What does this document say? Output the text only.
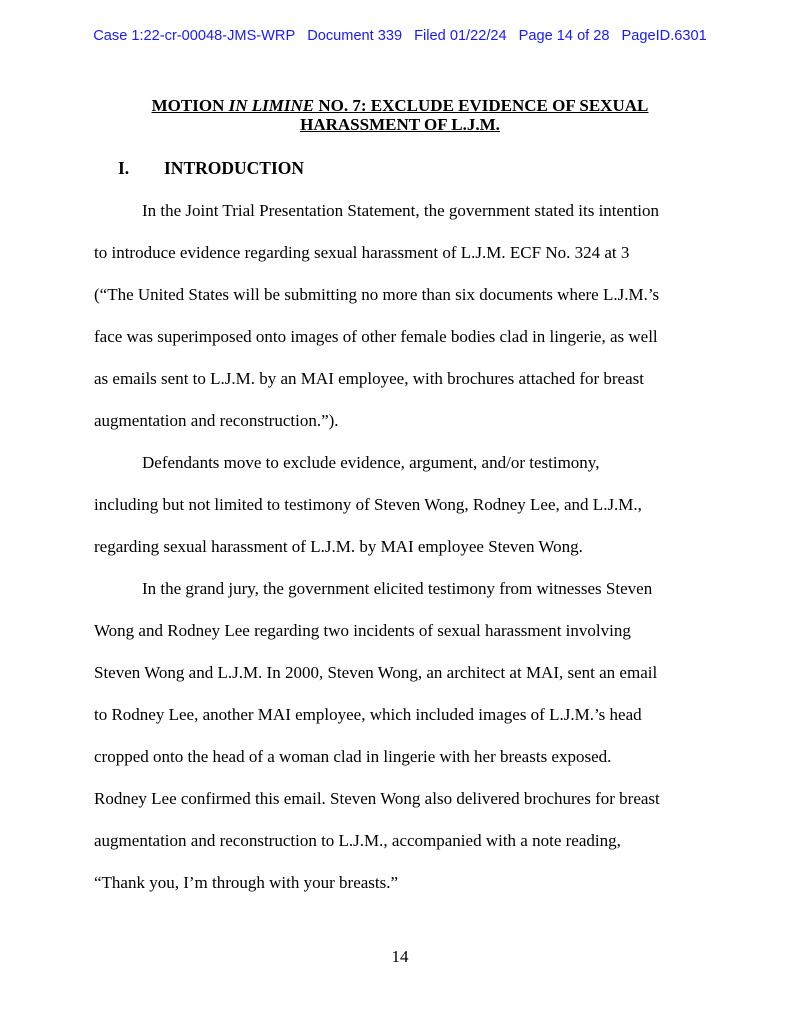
Case 1:22-cr-00048-JMS-WRP Document 339 Filed 01/22/24 Page 14 of 28 PageID.6301
MOTION IN LIMINE NO. 7: EXCLUDE EVIDENCE OF SEXUAL
HARASSMENT OF L.J.M.
I. INTRODUCTION
In the Joint Trial Presentation Statement, the government stated its intention
to introduce evidence regarding sexual harassment of L.J.M. ECF No. 324 at 3
(“The United States will be submitting no more than six documents where L.J.M.’s
face was superimposed onto images of other female bodies clad in lingerie, as well
as emails sent to L.J.M. by an MAI employee, with brochures attached for breast
augmentation and reconstruction.”).
Defendants move to exclude evidence, argument, and/or testimony,
including but not limited to testimony of Steven Wong, Rodney Lee, and L.J.M.,
regarding sexual harassment of L.J.M. by MAI employee Steven Wong.
In the grand jury, the government elicited testimony from witnesses Steven
Wong and Rodney Lee regarding two incidents of sexual harassment involving
Steven Wong and L.J.M. In 2000, Steven Wong, an architect at MAI, sent an email
to Rodney Lee, another MAI employee, which included images of L.J.M.’s head
cropped onto the head of a woman clad in lingerie with her breasts exposed.
Rodney Lee confirmed this email. Steven Wong also delivered brochures for breast
augmentation and reconstruction to L.J.M., accompanied with a note reading,
“Thank you, I’m through with your breasts.”
14
